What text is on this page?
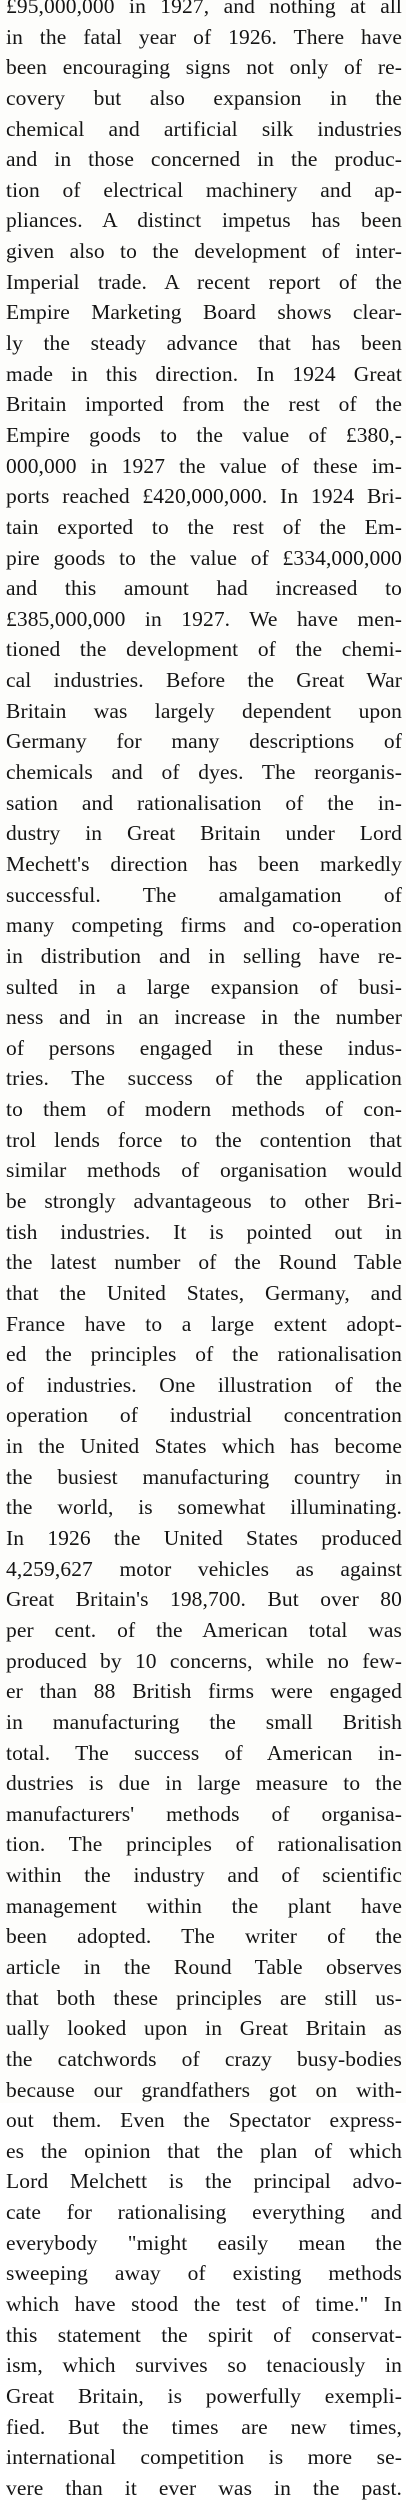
£95,000,000 in 1927, and nothing at all
in the fatal year of 1926. There have
been encouraging signs not only of re-
covery but also expansion in the
chemical and artificial silk industries
and in those concerned in the produc-
tion of electrical machinery and ap-
pliances. A distinct impetus has been
given also to the development of inter-
Imperial trade. A recent report of the
Empire Marketing Board shows clear-
ly the steady advance that has been
made in this direction. In 1924 Great
Britain imported from the rest of the
Empire goods to the value of £380,-
000,000 in 1927 the value of these im-
ports reached £420,000,000. In 1924 Bri-
tain exported to the rest of the Em-
pire goods to the value of £334,000,000
and this amount had increased to
£385,000,000 in 1927. We have men-
tioned the development of the chemi-
cal industries. Before the Great War
Britain was largely dependent upon
Germany for many descriptions of
chemicals and of dyes. The reorganis-
sation and rationalisation of the in-
dustry in Great Britain under Lord
Mechett's direction has been markedly
successful. The amalgamation of
many competing firms and co-operation
in distribution and in selling have re-
sulted in a large expansion of busi-
ness and in an increase in the number
of persons engaged in these indus-
tries. The success of the application
to them of modern methods of con-
trol lends force to the contention that
similar methods of organisation would
be strongly advantageous to other Bri-
tish industries. It is pointed out in
the latest number of the Round Table
that the United States, Germany, and
France have to a large extent adopt-
ed the principles of the rationalisation
of industries. One illustration of the
operation of industrial concentration
in the United States which has become
the busiest manufacturing country in
the world, is somewhat illuminating.
In 1926 the United States produced
4,259,627 motor vehicles as against
Great Britain's 198,700. But over 80
per cent. of the American total was
produced by 10 concerns, while no few-
er than 88 British firms were engaged
in manufacturing the small British
total. The success of American in-
dustries is due in large measure to the
manufacturers' methods of organisa-
tion. The principles of rationalisation
within the industry and of scientific
management within the plant have
been adopted. The writer of the
article in the Round Table observes
that both these principles are still us-
ually looked upon in Great Britain as
the catchwords of crazy busy-bodies
because our grandfathers got on with-
out them. Even the Spectator express-
es the opinion that the plan of which
Lord Melchett is the principal advo-
cate for rationalising everything and
everybody "might easily mean the
sweeping away of existing methods
which have stood the test of time." In
this statement the spirit of conservat-
ism, which survives so tenaciously in
Great Britain, is powerfully exempli-
fied. But the times are new times,
international competition is more se-
vere than it ever was in the past.
